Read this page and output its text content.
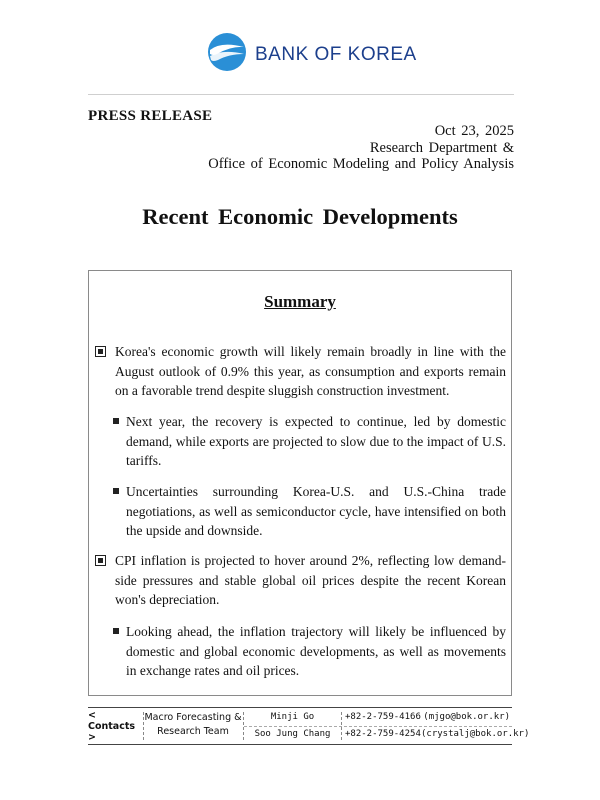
BANK OF KOREA
PRESS RELEASE
Oct 23, 2025
Research Department &
Office of Economic Modeling and Policy Analysis
Recent Economic Developments
Summary

Korea's economic growth will likely remain broadly in line with the August outlook of 0.9% this year, as consumption and exports remain on a favorable trend despite sluggish construction investment.

Next year, the recovery is expected to continue, led by domestic demand, while exports are projected to slow due to the impact of U.S. tariffs.

Uncertainties surrounding Korea-U.S. and U.S.-China trade negotiations, as well as semiconductor cycle, have intensified on both the upside and downside.

CPI inflation is projected to hover around 2%, reflecting low demand-side pressures and stable global oil prices despite the recent Korean won's depreciation.

Looking ahead, the inflation trajectory will likely be influenced by domestic and global economic developments, as well as movements in exchange rates and oil prices.

< Contacts >
Macro Forecasting &
Research Team
Minji Go	+82-2-759-4166 (mjgo@bok.or.kr)
Soo Jung Chang	+82-2-759-4254 (crystalj@bok.or.kr)
